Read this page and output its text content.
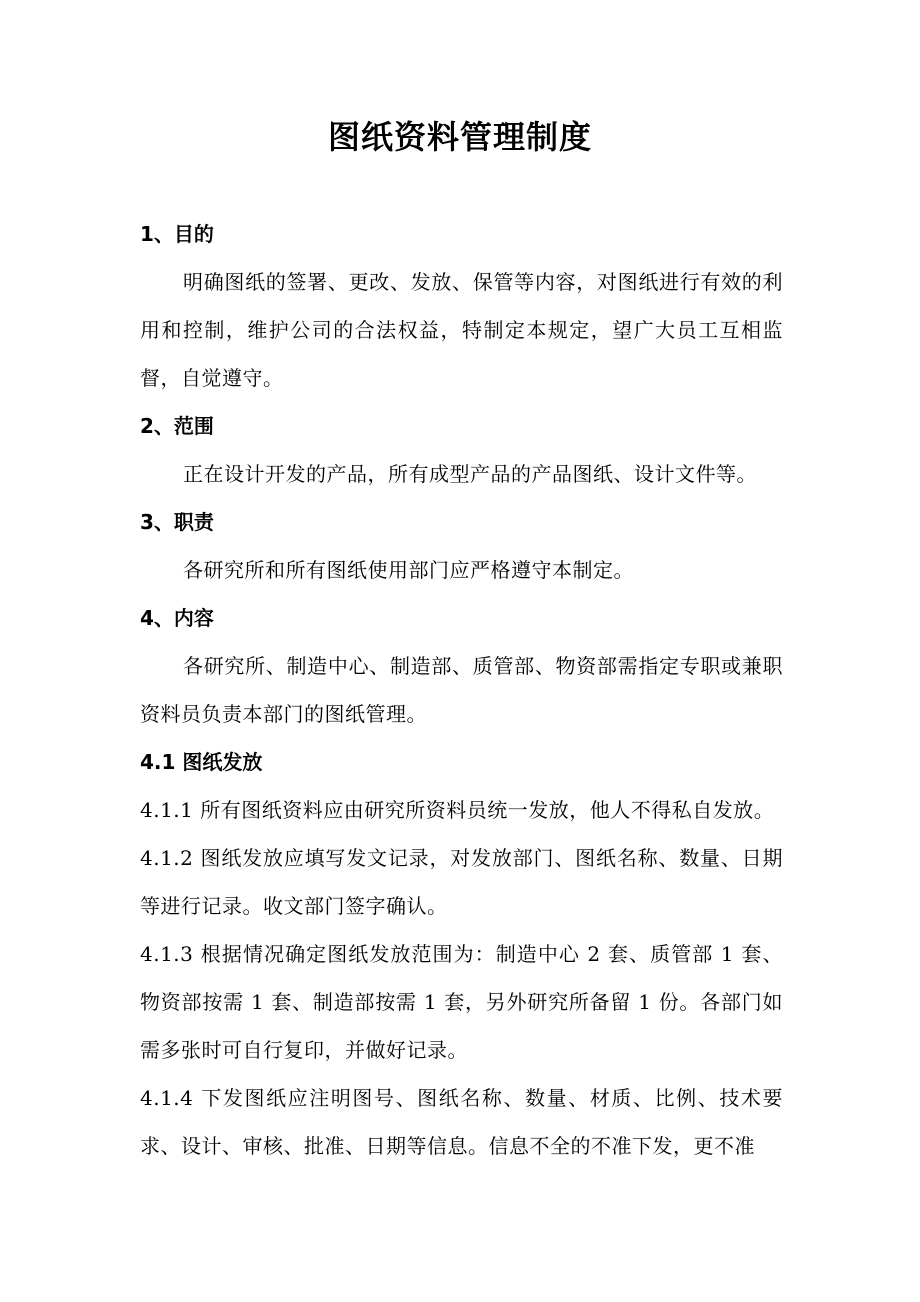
图纸资料管理制度

1、目的

明确图纸的签署、更改、发放、保管等内容，对图纸进行有效的利用和控制，维护公司的合法权益，特制定本规定，望广大员工互相监督，自觉遵守。

2、范围

正在设计开发的产品，所有成型产品的产品图纸、设计文件等。

3、职责

各研究所和所有图纸使用部门应严格遵守本制定。

4、内容

各研究所、制造中心、制造部、质管部、物资部需指定专职或兼职资料员负责本部门的图纸管理。

4.1 图纸发放

4.1.1 所有图纸资料应由研究所资料员统一发放，他人不得私自发放。

4.1.2 图纸发放应填写发文记录，对发放部门、图纸名称、数量、日期等进行记录。收文部门签字确认。

4.1.3 根据情况确定图纸发放范围为：制造中心 2 套、质管部 1 套、物资部按需 1 套、制造部按需 1 套，另外研究所备留 1 份。各部门如需多张时可自行复印，并做好记录。

4.1.4 下发图纸应注明图号、图纸名称、数量、材质、比例、技术要求、设计、审核、批准、日期等信息。信息不全的不准下发，更不准
